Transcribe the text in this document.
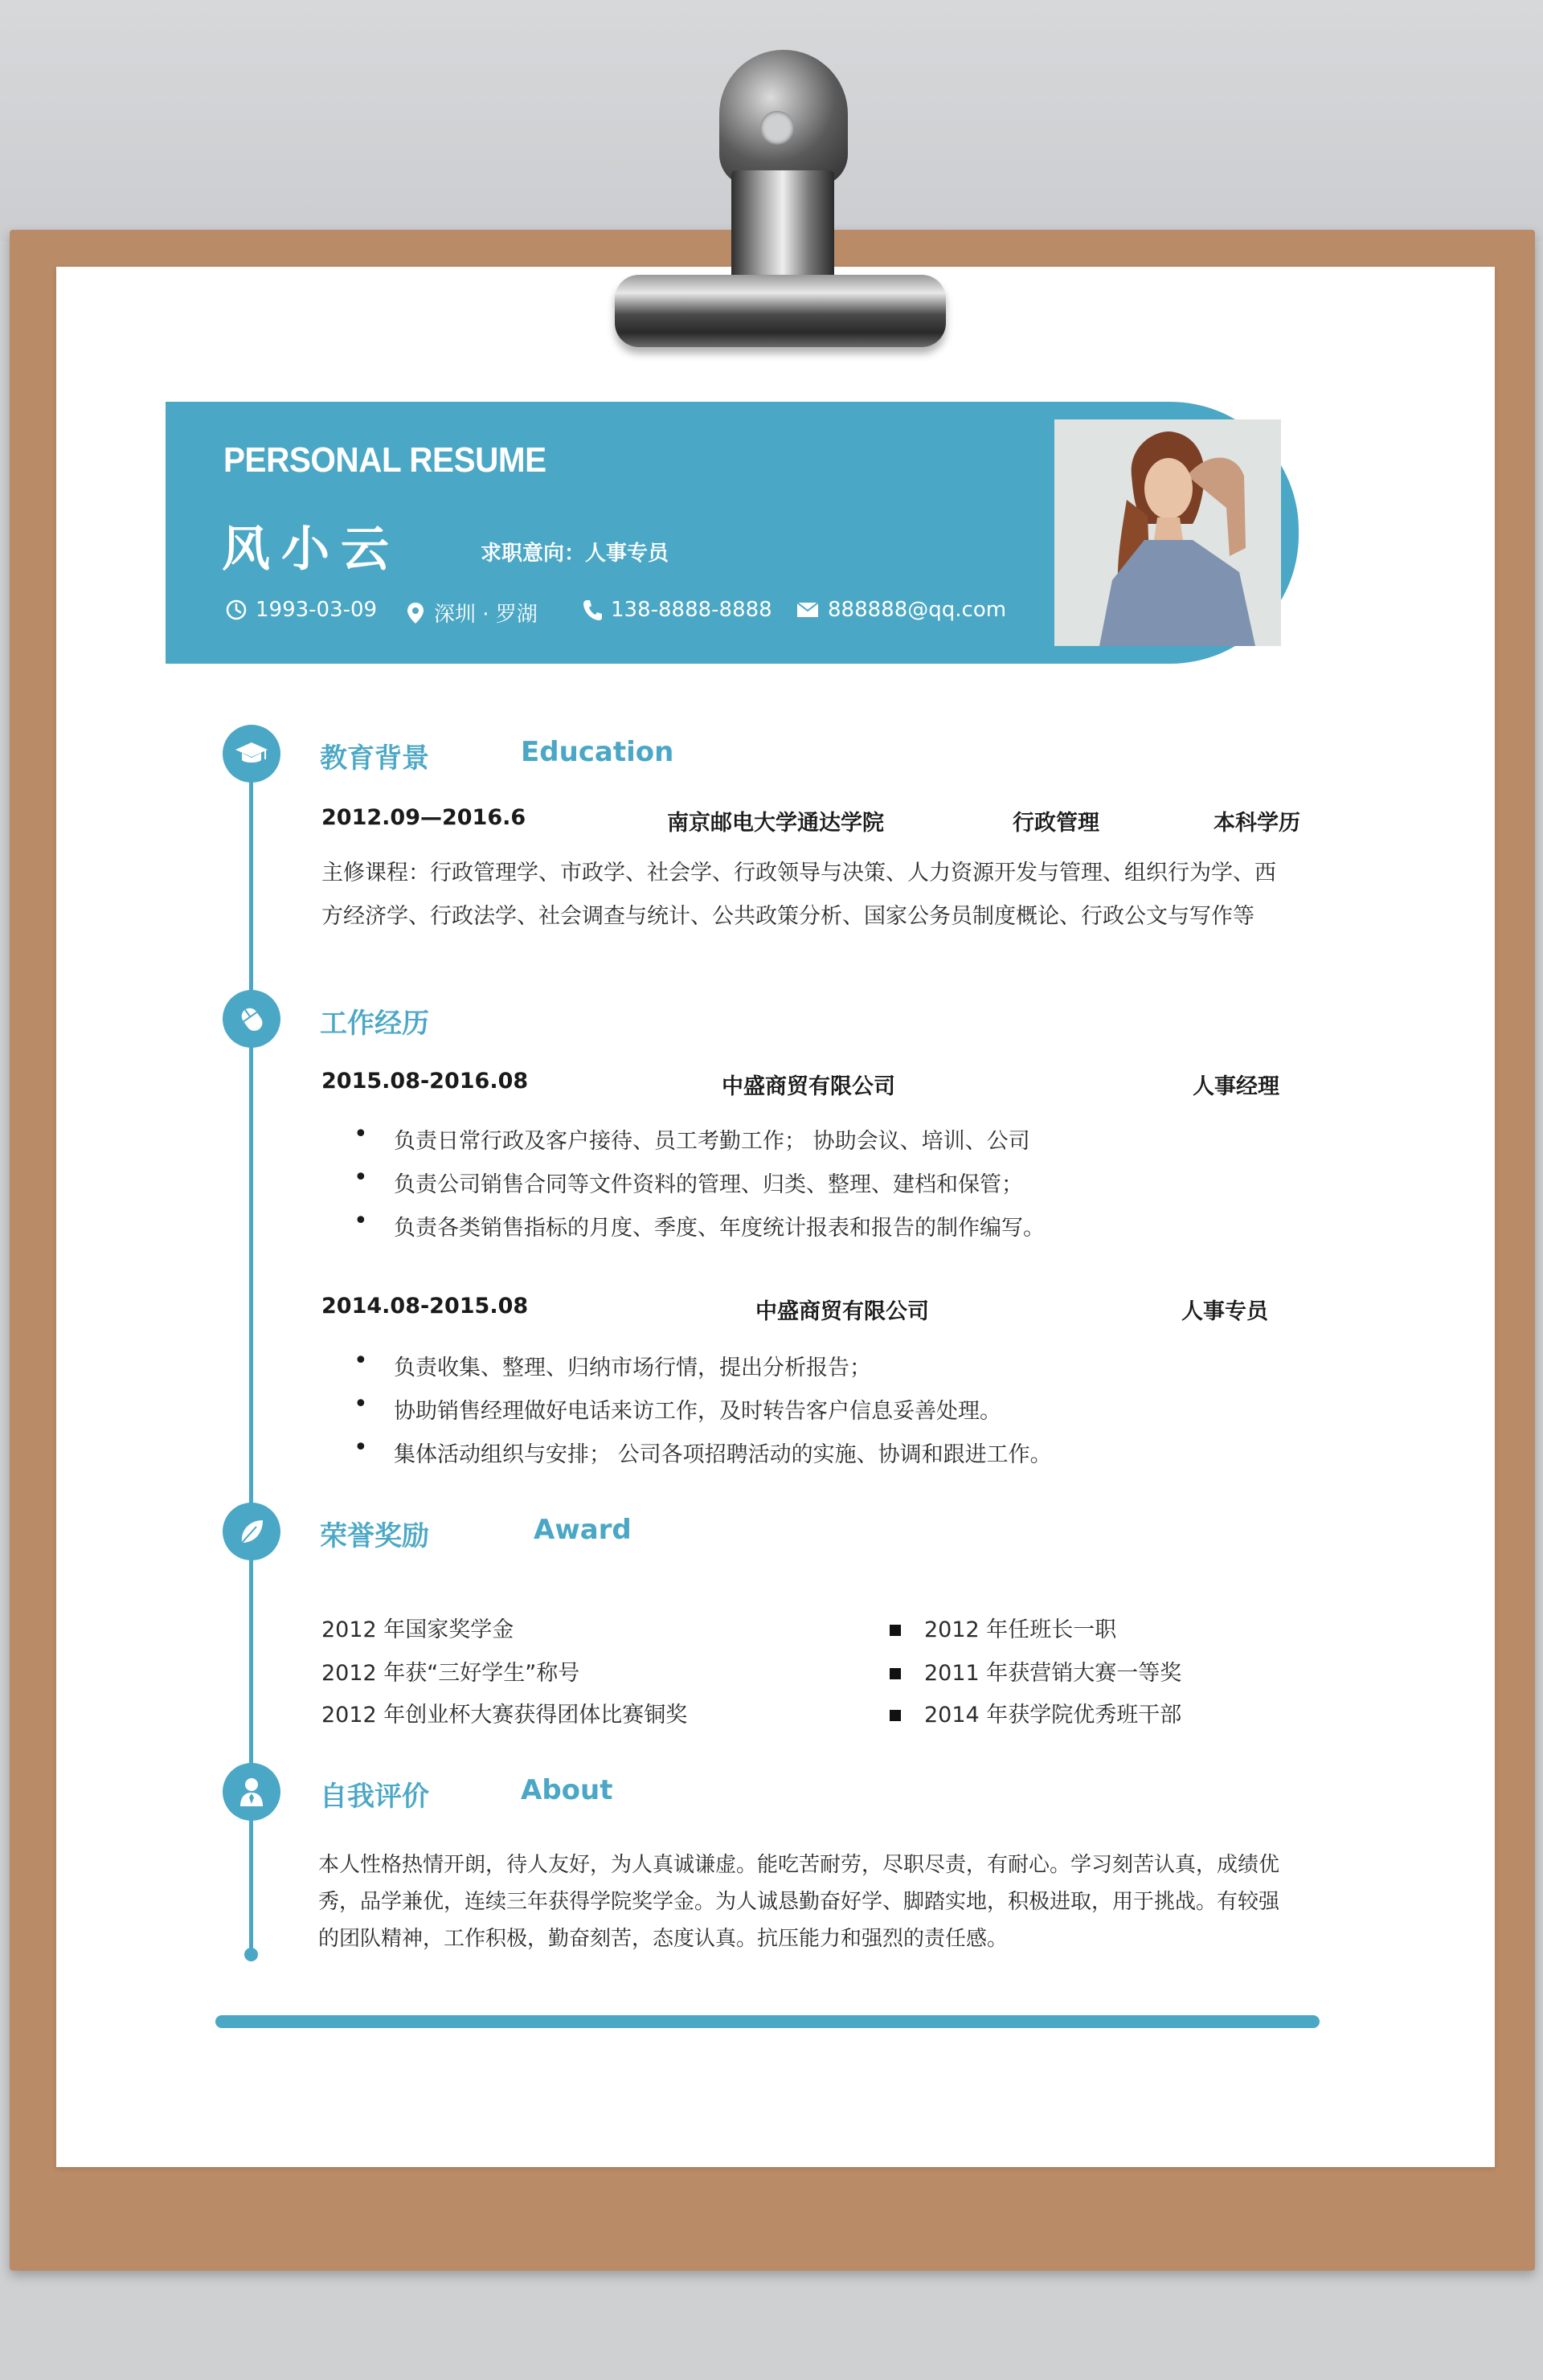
PERSONAL RESUME
风小云	求职意向：人事专员
1993-03-09	深圳 · 罗湖	138-8888-8888	888888@qq.com
教育背景	Education
2012.09—2016.6	南京邮电大学通达学院	行政管理	本科学历
主修课程：行政管理学、市政学、社会学、行政领导与决策、人力资源开发与管理、组织行为学、西
方经济学、行政法学、社会调查与统计、公共政策分析、国家公务员制度概论、行政公文与写作等
工作经历
2015.08-2016.08	中盛商贸有限公司	人事经理
• 负责日常行政及客户接待、员工考勤工作； 协助会议、培训、公司
• 负责公司销售合同等文件资料的管理、归类、整理、建档和保管；
• 负责各类销售指标的月度、季度、年度统计报表和报告的制作编写。
2014.08-2015.08	中盛商贸有限公司	人事专员
• 负责收集、整理、归纳市场行情，提出分析报告；
• 协助销售经理做好电话来访工作，及时转告客户信息妥善处理。
• 集体活动组织与安排； 公司各项招聘活动的实施、协调和跟进工作。
荣誉奖励	Award
2012 年国家奖学金
2012 年获“三好学生”称号
2012 年创业杯大赛获得团体比赛铜奖
2012 年任班长一职
2011 年获营销大赛一等奖
2014 年获学院优秀班干部
自我评价	About
本人性格热情开朗，待人友好，为人真诚谦虚。能吃苦耐劳，尽职尽责，有耐心。学习刻苦认真，成绩优
秀，品学兼优，连续三年获得学院奖学金。为人诚恳勤奋好学、脚踏实地，积极进取，用于挑战。有较强
的团队精神，工作积极，勤奋刻苦，态度认真。抗压能力和强烈的责任感。
